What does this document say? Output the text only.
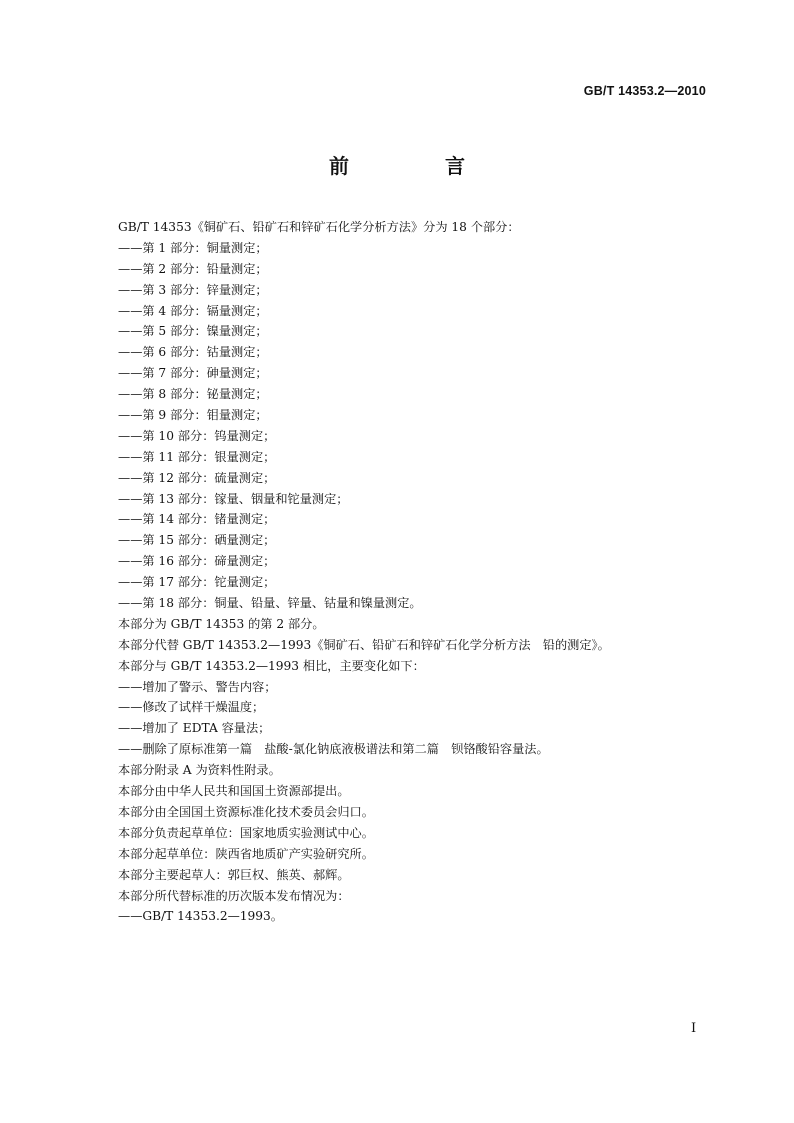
GB/T 14353.2—2010
前　言
GB/T 14353《铜矿石、铅矿石和锌矿石化学分析方法》分为 18 个部分：
——第 1 部分：铜量测定；
——第 2 部分：铅量测定；
——第 3 部分：锌量测定；
——第 4 部分：镉量测定；
——第 5 部分：镍量测定；
——第 6 部分：钴量测定；
——第 7 部分：砷量测定；
——第 8 部分：铋量测定；
——第 9 部分：钼量测定；
——第 10 部分：钨量测定；
——第 11 部分：银量测定；
——第 12 部分：硫量测定；
——第 13 部分：镓量、铟量和铊量测定；
——第 14 部分：锗量测定；
——第 15 部分：硒量测定；
——第 16 部分：碲量测定；
——第 17 部分：铊量测定；
——第 18 部分：铜量、铅量、锌量、钴量和镍量测定。
本部分为 GB/T 14353 的第 2 部分。
本部分代替 GB/T 14353.2—1993《铜矿石、铅矿石和锌矿石化学分析方法　铅的测定》。
本部分与 GB/T 14353.2—1993 相比，主要变化如下：
——增加了警示、警告内容；
——修改了试样干燥温度；
——增加了 EDTA 容量法；
——删除了原标准第一篇　盐酸-氯化钠底液极谱法和第二篇　钡铬酸铅容量法。
本部分附录 A 为资料性附录。
本部分由中华人民共和国国土资源部提出。
本部分由全国国土资源标准化技术委员会归口。
本部分负责起草单位：国家地质实验测试中心。
本部分起草单位：陕西省地质矿产实验研究所。
本部分主要起草人：郭巨权、熊英、郝辉。
本部分所代替标准的历次版本发布情况为：
——GB/T 14353.2—1993。
I
